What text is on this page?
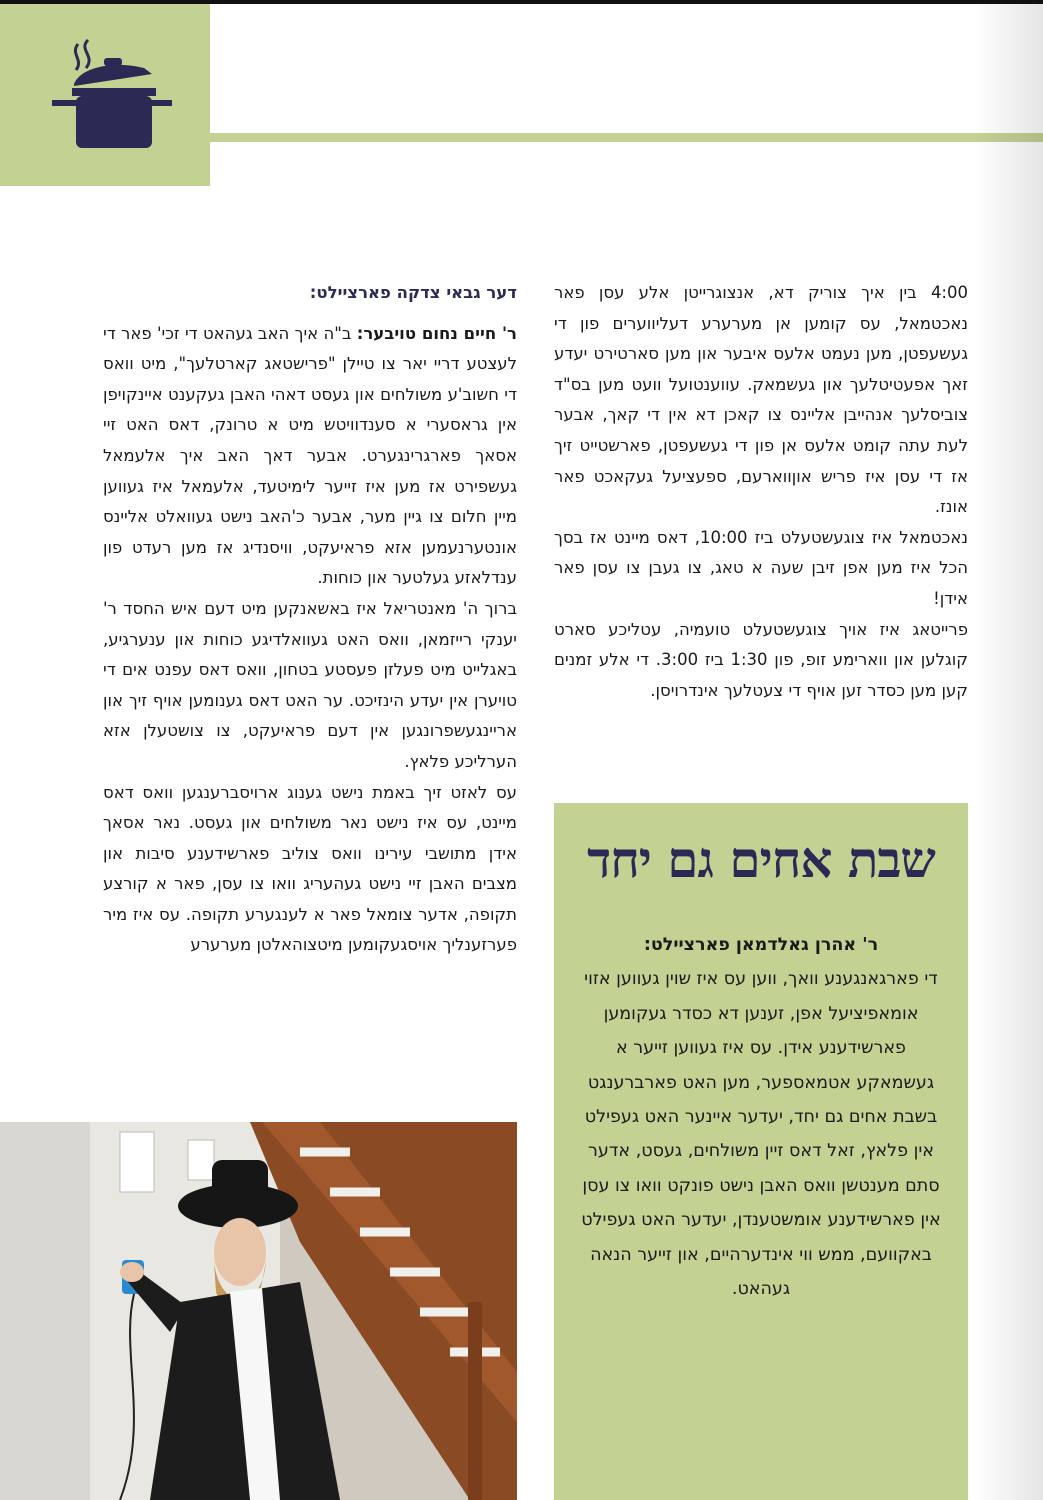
דער גבאי צדקה פארציילט:

ר' חיים נחום טויבער: ב"ה איך האב געהאט די זכי' פאר די לעצטע דריי יאר צו טיילן "פרישטאג קארטלעך", מיט וואס די חשוב'ע משולחים און געסט דאהי האבן געקענט איינקויפן אין גראסערי א סענדוויטש מיט א טרונק, דאס האט זיי אסאך פארגרינגערט. אבער דאך האב איך אלעמאל געשפירט אז מען איז זייער לימיטעד, אלעמאל איז געווען מיין חלום צו גיין מער, אבער כ'האב נישט געוואלט אליינס אונטערנעמען אזא פראיעקט, וויסנדיג אז מען רעדט פון ענדלאזע געלטער און כוחות.

ברוך ה' מאנטריאל איז באשאנקען מיט דעם איש החסד ר' יענקי רייזמאן, וואס האט געוואלדיגע כוחות און ענערגיע, באגלייט מיט פעלזן פעסטע בטחון, וואס דאס עפנט אים די טויערן אין יעדע הינזיכט. ער האט דאס גענומען אויף זיך און אריינגעשפרונגען אין דעם פראיעקט, צו צושטעלן אזא הערליכע פלאץ.

עס לאזט זיך באמת נישט גענוג ארויסברענגען וואס דאס מיינט, עס איז נישט נאר משולחים און געסט. נאר אסאך אידן מתושבי עירינו וואס צוליב פארשידענע סיבות און מצבים האבן זיי נישט געהעריג וואו צו עסן, פאר א קורצע תקופה, אדער צומאל פאר א לענגערע תקופה. עס איז מיר פערזענליך אויסגעקומען מיטצוהאלטן מערערע

4:00 בין איך צוריק דא, אנצוגרייטן אלע עסן פאר נאכטמאל, עס קומען אן מערערע דעליווערים פון די געשעפטן, מען נעמט אלעס איבער און מען סארטירט יעדע זאך אפעטיטלעך און געשמאק. עווענטועל וועט מען בס"ד צוביסלעך אנהייבן אליינס צו קאכן דא אין די קאך, אבער לעת עתה קומט אלעס אן פון די געשעפטן, פארשטייט זיך אז די עסן איז פריש אוןווארעם, ספעציעל געקאכט פאר אונז.

נאכטמאל איז צוגעשטעלט ביז 10:00, דאס מיינט אז בסך הכל איז מען אפן זיבן שעה א טאג, צו געבן צו עסן פאר אידן!

פרייטאג איז אויך צוגעשטעלט טועמיה, עטליכע סארט קוגלען און ווארימע זופ, פון 1:30 ביז 3:00. די אלע זמנים קען מען כסדר זען אויף די צעטלעך אינדרויסן.

שבת אחים גם יחד

ר' אהרן גאלדמאן פארציילט:

די פארגאנגענע וואך, ווען עס איז שוין געווען אזוי אומאפיציעל אפן, זענען דא כסדר געקומען פארשידענע אידן. עס איז געווען זייער א געשמאקע אטמאספער, מען האט פארברענגט בשבת אחים גם יחד, יעדער איינער האט געפילט אין פלאץ, זאל דאס זיין משולחים, געסט, אדער סתם מענטשן וואס האבן נישט פונקט וואו צו עסן אין פארשידענע אומשטענדן, יעדער האט געפילט באקוועם, ממש ווי אינדערהיים, און זייער הנאה געהאט.
